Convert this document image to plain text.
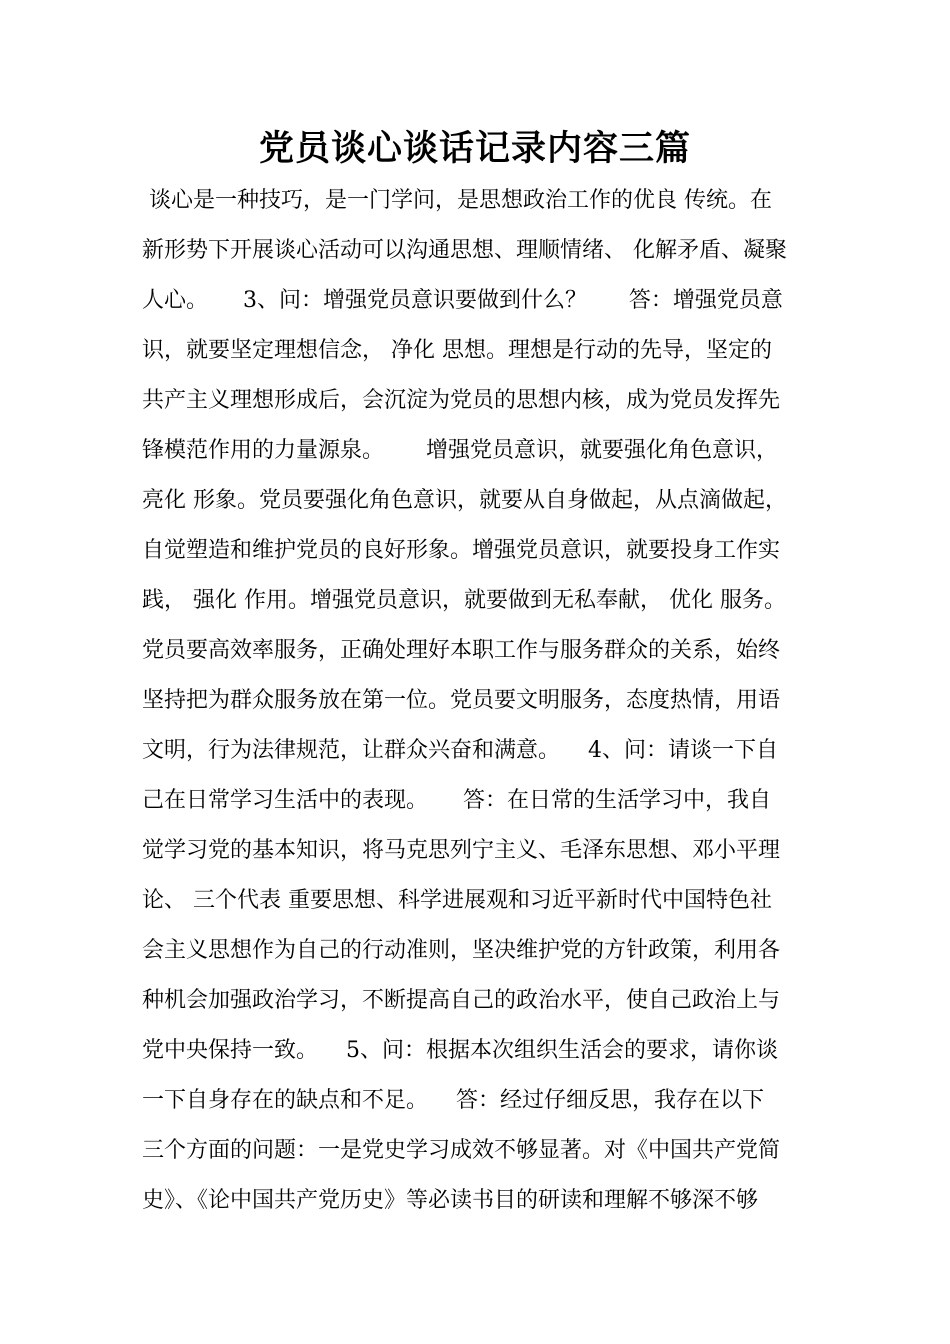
党员谈心谈话记录内容三篇
谈心是一种技巧，是一门学问，是思想政治工作的优良 传统。在
新形势下开展谈心活动可以沟通思想、理顺情绪、 化解矛盾、凝聚
人心。     3、问：增强党员意识要做到什么？      答：增强党员意
识，就要坚定理想信念， 净化 思想。理想是行动的先导，坚定的
共产主义理想形成后，会沉淀为党员的思想内核，成为党员发挥先
锋模范作用的力量源泉。      增强党员意识，就要强化角色意识，
亮化 形象。党员要强化角色意识，就要从自身做起，从点滴做起，
自觉塑造和维护党员的良好形象。增强党员意识，就要投身工作实
践， 强化 作用。增强党员意识，就要做到无私奉献， 优化 服务。
党员要高效率服务，正确处理好本职工作与服务群众的关系，始终
坚持把为群众服务放在第一位。党员要文明服务，态度热情，用语
文明，行为法律规范，让群众兴奋和满意。    4、问：请谈一下自
己在日常学习生活中的表现。     答：在日常的生活学习中，我自
觉学习党的基本知识，将马克思列宁主义、毛泽东思想、邓小平理
论、 三个代表 重要思想、科学进展观和习近平新时代中国特色社
会主义思想作为自己的行动准则，坚决维护党的方针政策，利用各
种机会加强政治学习，不断提高自己的政治水平，使自己政治上与
党中央保持一致。    5、问：根据本次组织生活会的要求，请你谈
一下自身存在的缺点和不足。    答：经过仔细反思，我存在以下
三个方面的问题：一是党史学习成效不够显著。对《中国共产党简
史》、《论中国共产党历史》等必读书目的研读和理解不够深不够
